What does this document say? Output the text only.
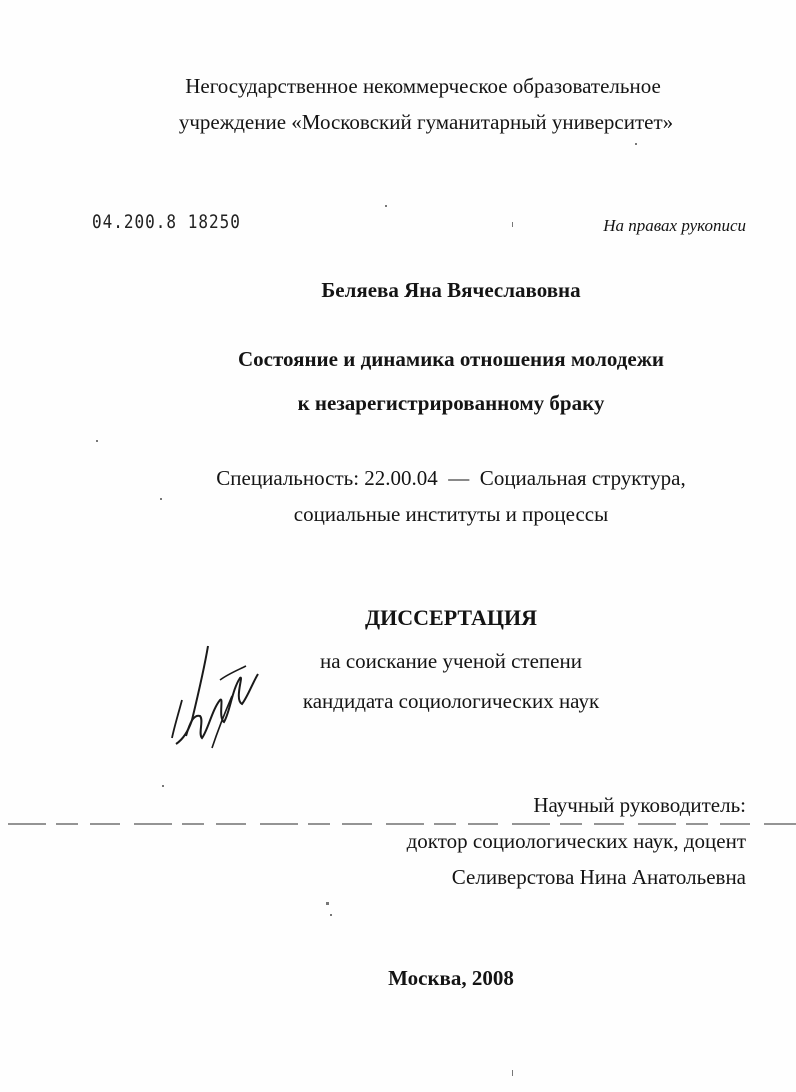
Негосударственное некоммерческое образовательное
учреждение «Московский гуманитарный университет»
04.200.8 18250	На правах рукописи
Беляева Яна Вячеславовна
Состояние и динамика отношения молодежи
к незарегистрированному браку
Специальность: 22.00.04  —  Социальная структура,
социальные институты и процессы
ДИССЕРТАЦИЯ
на соискание ученой степени
кандидата социологических наук
Научный руководитель:
доктор социологических наук, доцент
Селиверстова Нина Анатольевна
Москва, 2008
